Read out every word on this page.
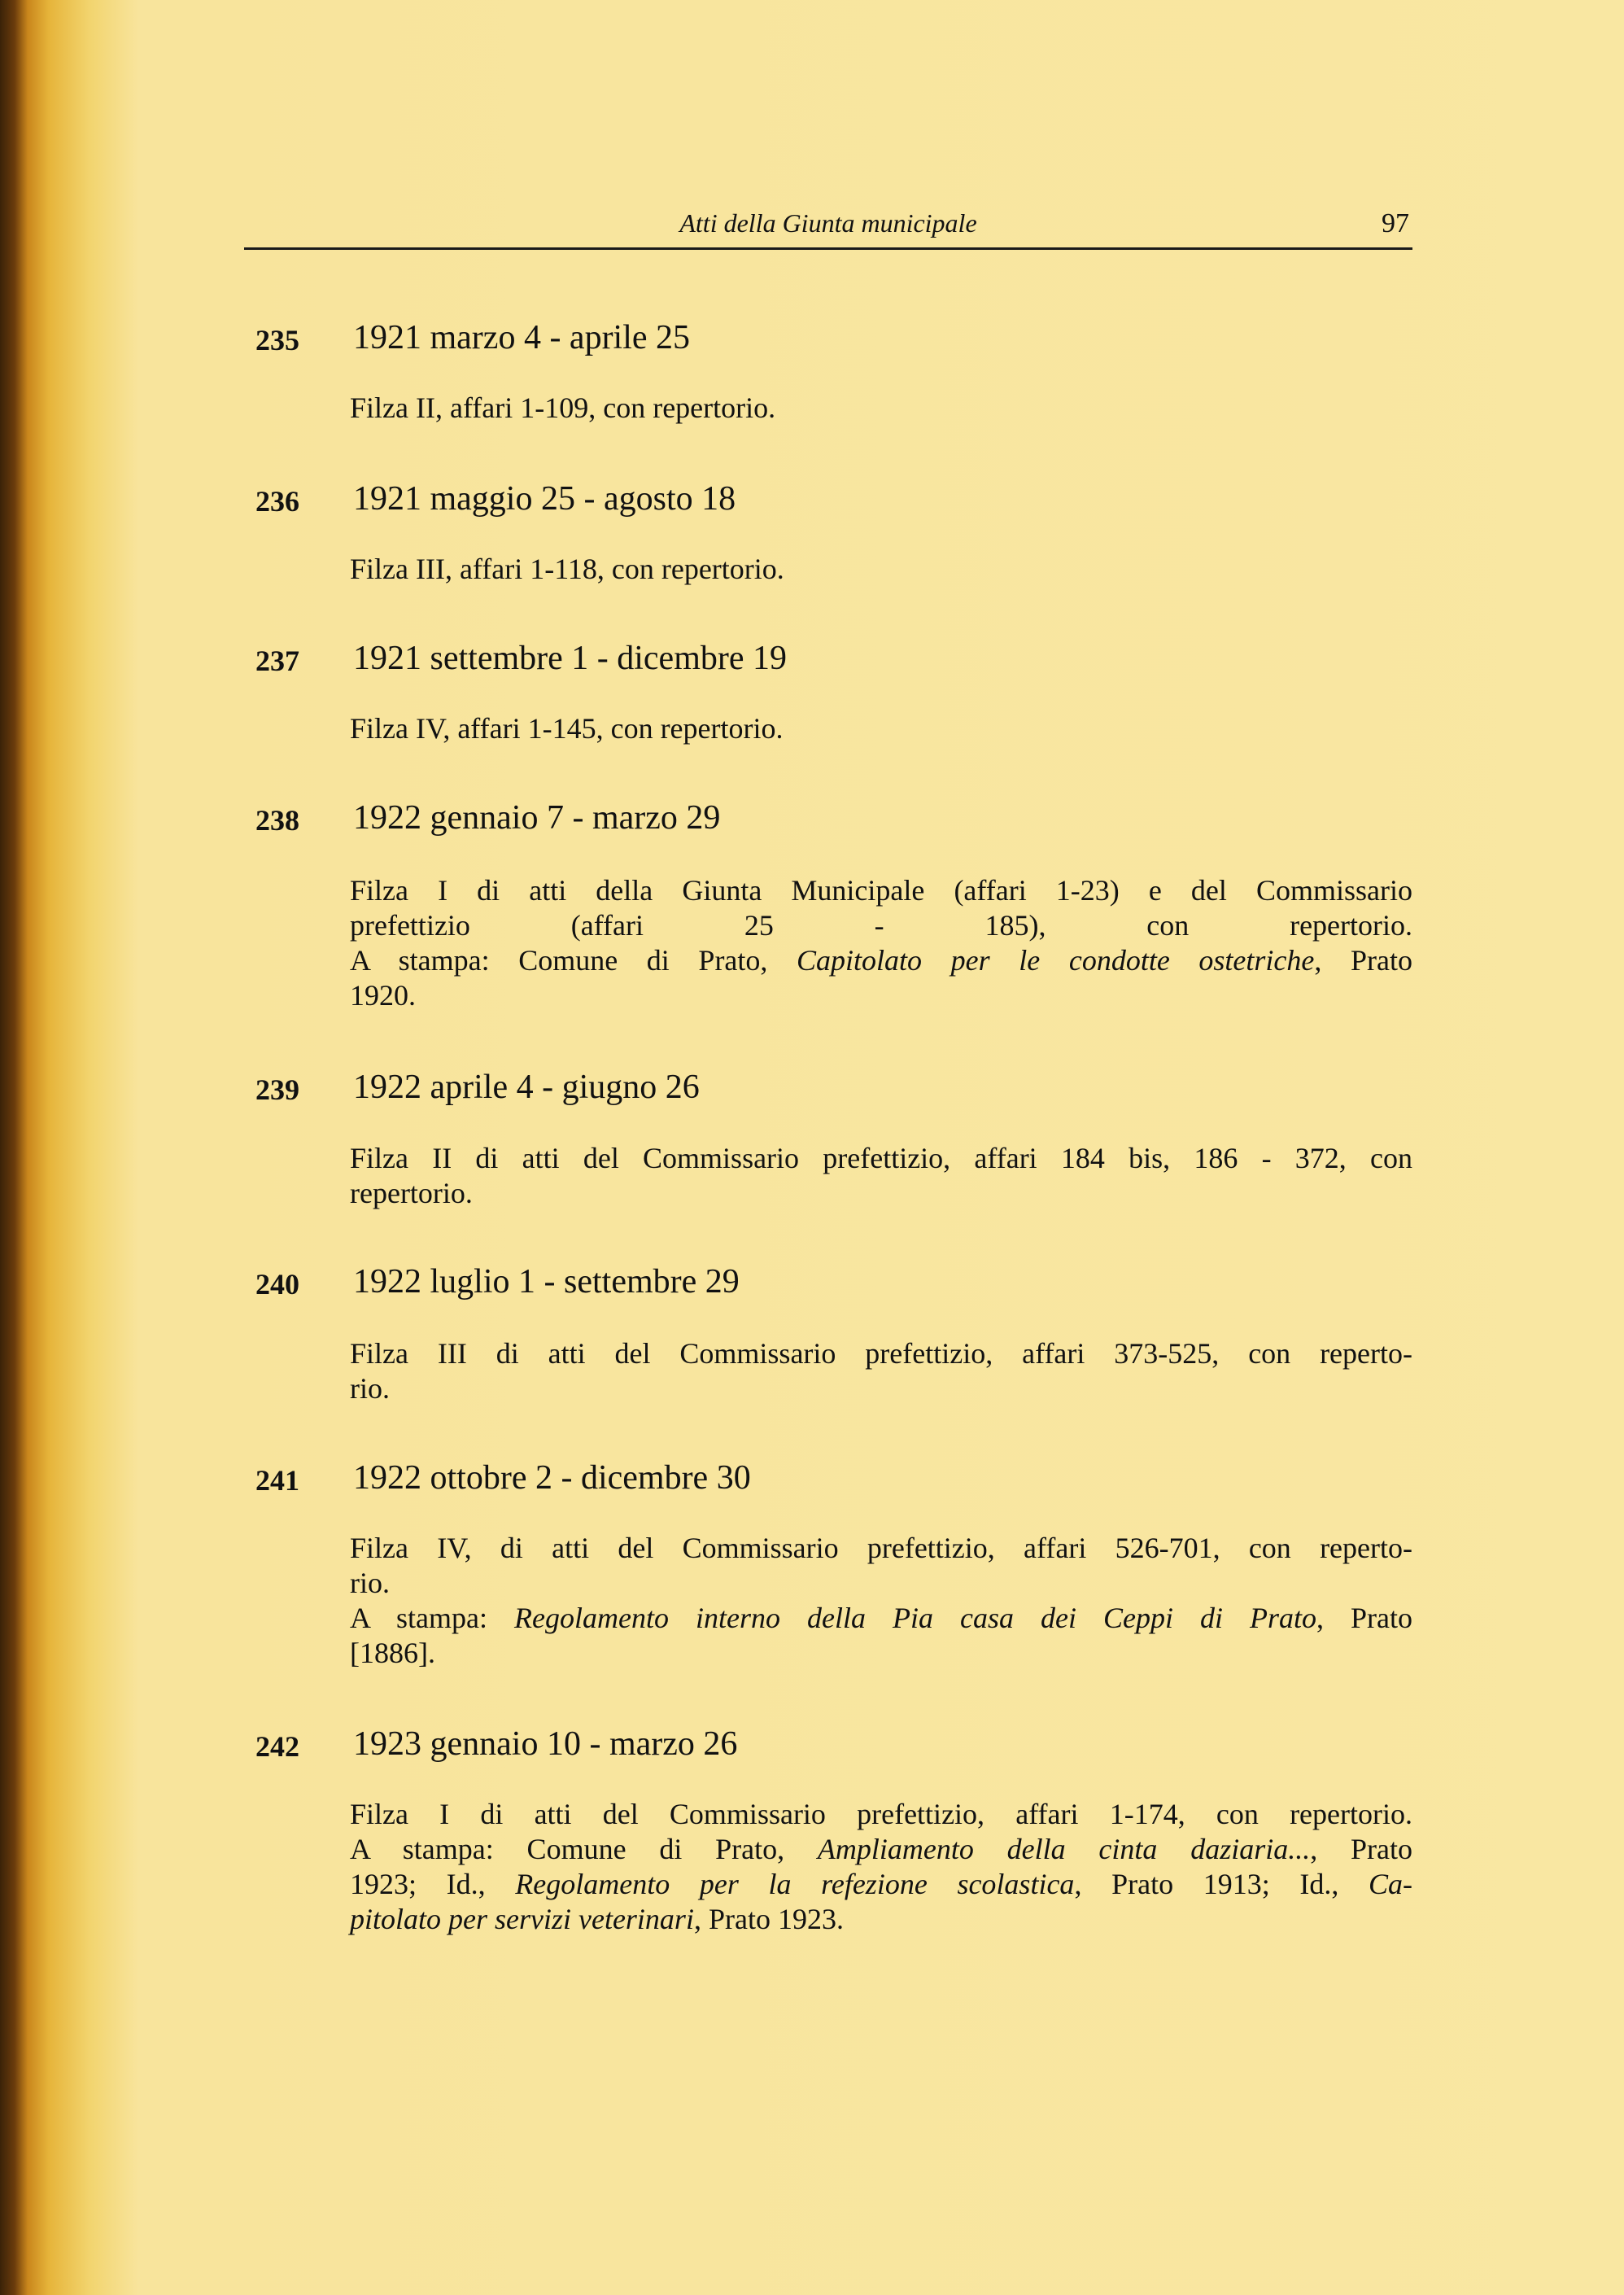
Atti della Giunta municipale	97
235 1921 marzo 4 - aprile 25
Filza II, affari 1-109, con repertorio.
236 1921 maggio 25 - agosto 18
Filza III, affari 1-118, con repertorio.
237 1921 settembre 1 - dicembre 19
Filza IV, affari 1-145, con repertorio.
238 1922 gennaio 7 - marzo 29
Filza I di atti della Giunta Municipale (affari 1-23) e del Commissario
prefettizio (affari 25 - 185), con repertorio.
A stampa: Comune di Prato, Capitolato per le condotte ostetriche, Prato
1920.
239 1922 aprile 4 - giugno 26
Filza II di atti del Commissario prefettizio, affari 184 bis, 186 - 372, con
repertorio.
240 1922 luglio 1 - settembre 29
Filza III di atti del Commissario prefettizio, affari 373-525, con reperto-
rio.
241 1922 ottobre 2 - dicembre 30
Filza IV, di atti del Commissario prefettizio, affari 526-701, con reperto-
rio.
A stampa: Regolamento interno della Pia casa dei Ceppi di Prato, Prato
[1886].
242 1923 gennaio 10 - marzo 26
Filza I di atti del Commissario prefettizio, affari 1-174, con repertorio.
A stampa: Comune di Prato, Ampliamento della cinta daziaria..., Prato
1923; Id., Regolamento per la refezione scolastica, Prato 1913; Id., Ca-
pitolato per servizi veterinari, Prato 1923.
